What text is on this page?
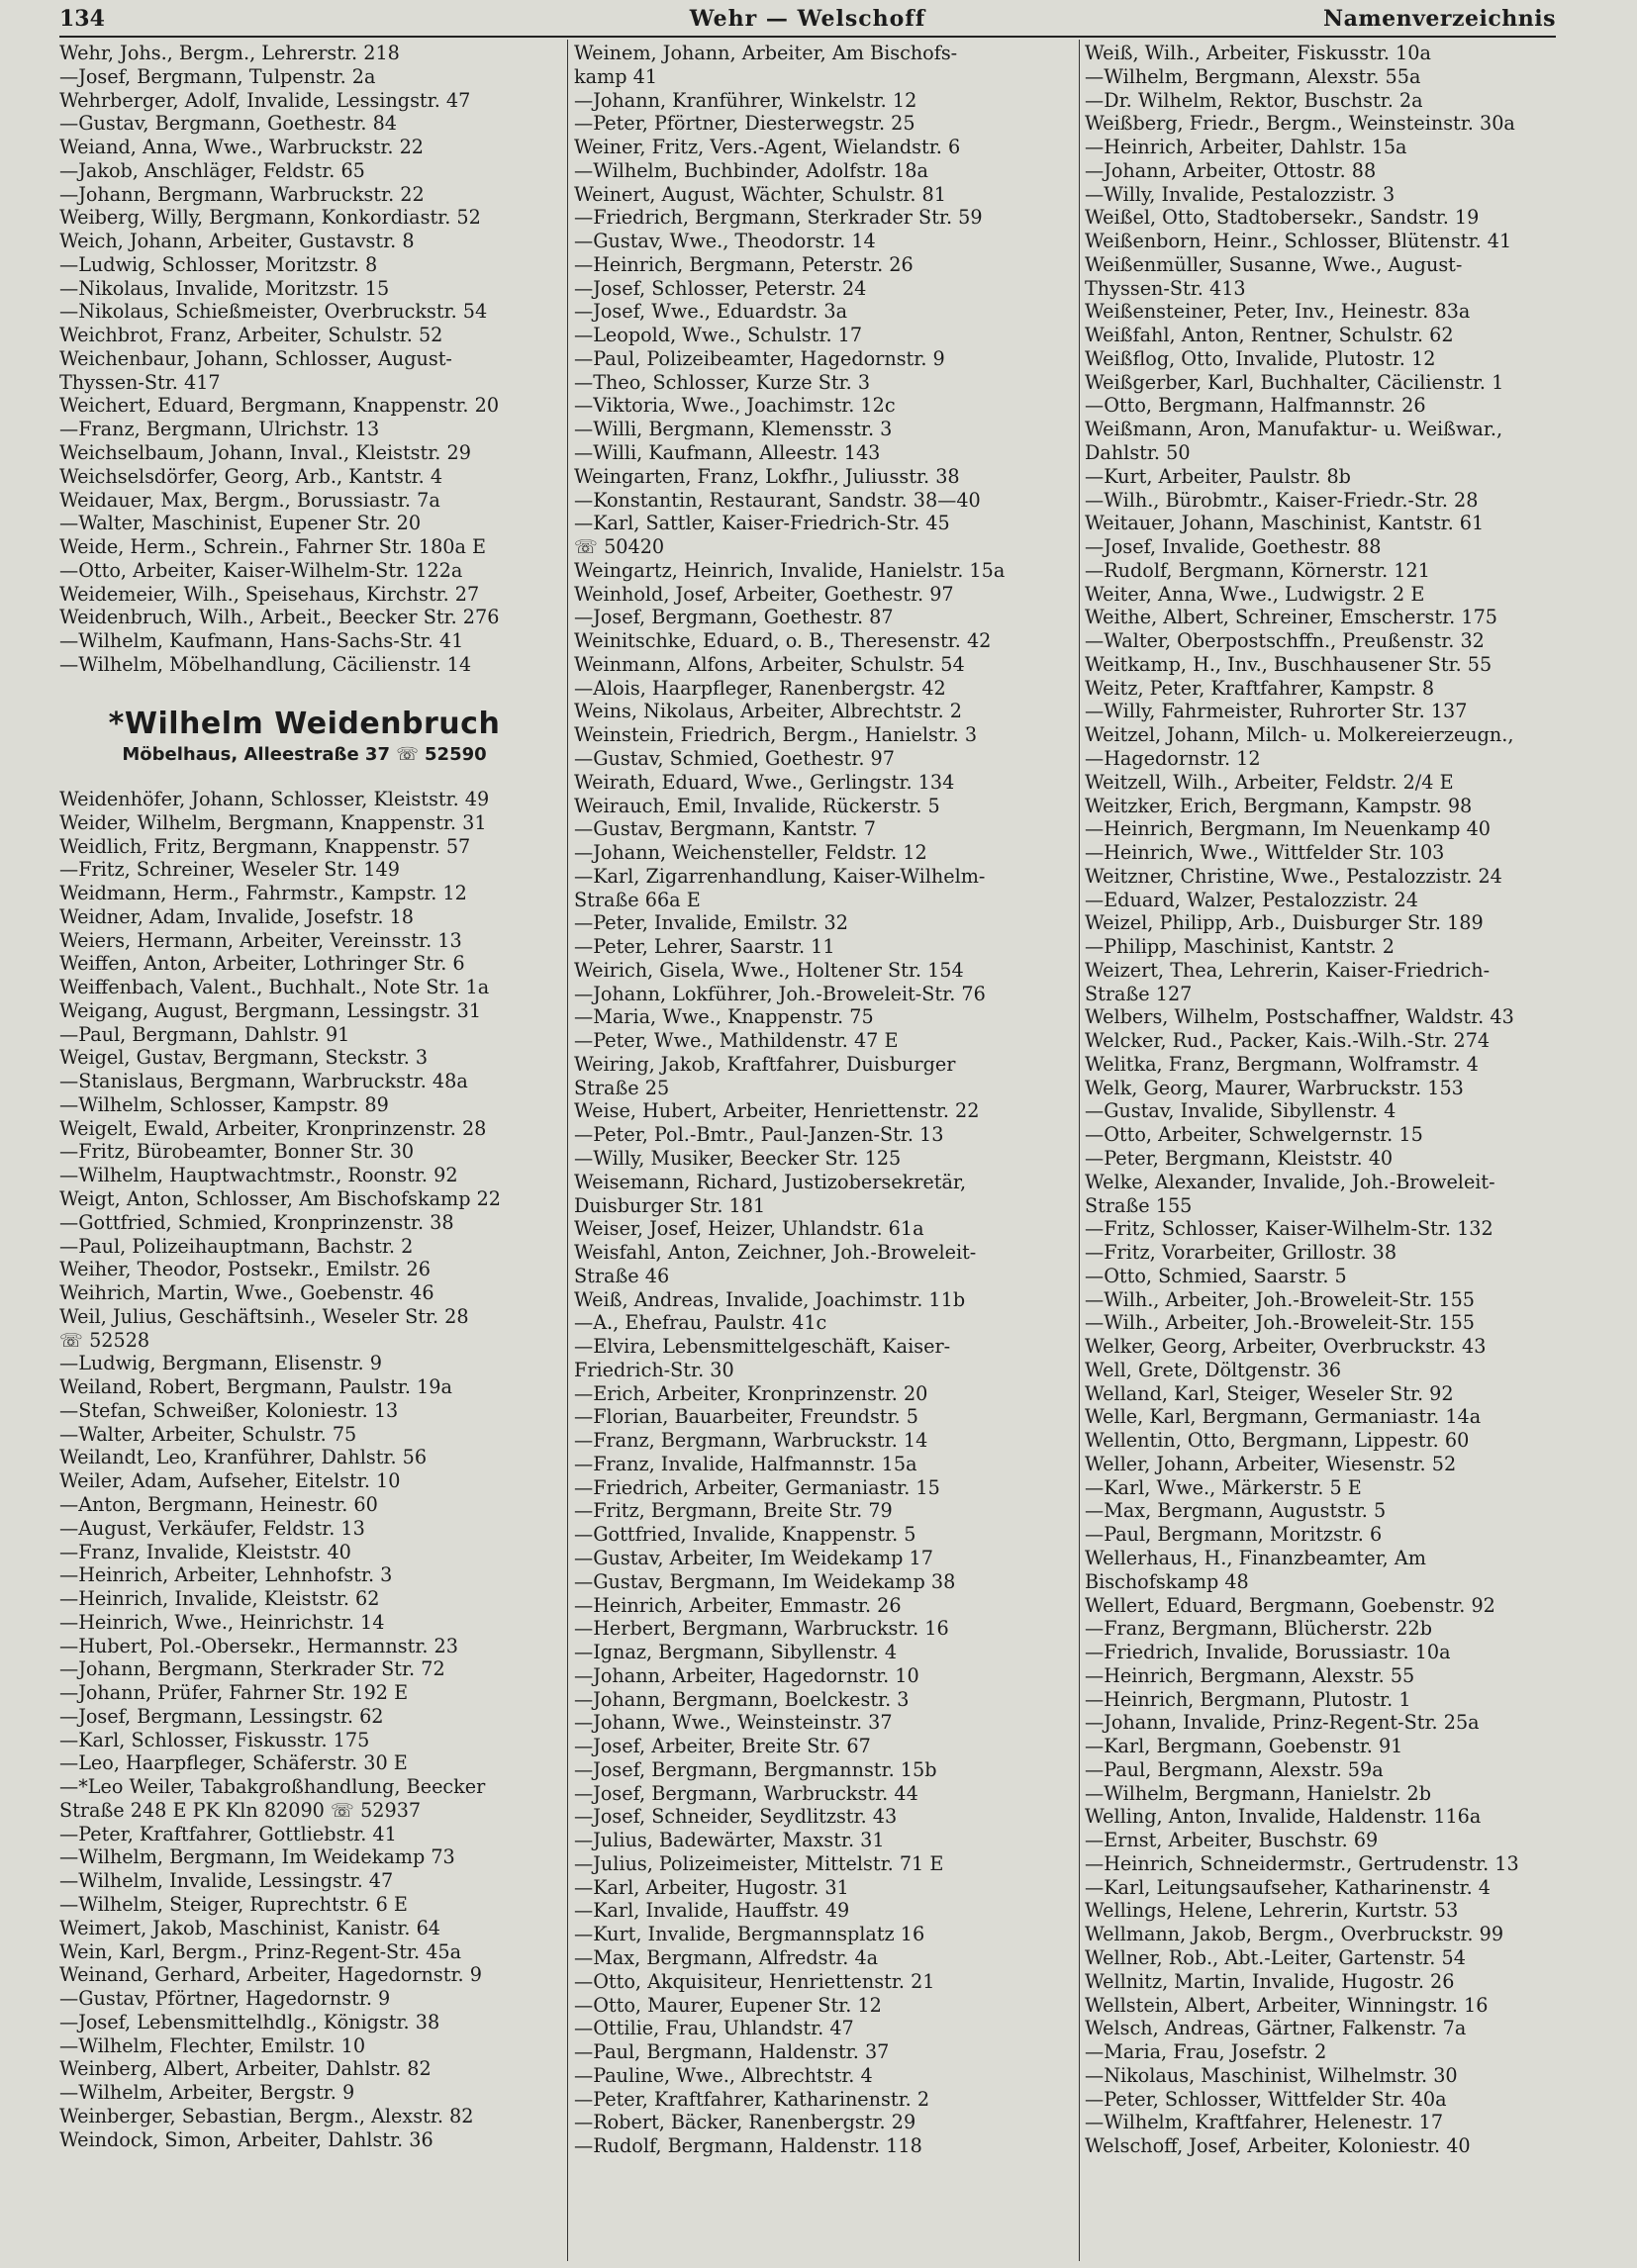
134	Wehr — Welschoff	Namenverzeichnis
Wehr, Johs., Bergm., Lehrerstr. 218
—Josef, Bergmann, Tulpenstr. 2a
Wehrberger, Adolf, Invalide, Lessingstr. 47
—Gustav, Bergmann, Goethestr. 84
Weiand, Anna, Wwe., Warbruckstr. 22
—Jakob, Anschläger, Feldstr. 65
—Johann, Bergmann, Warbruckstr. 22
Weiberg, Willy, Bergmann, Konkordiastr. 52
Weich, Johann, Arbeiter, Gustavstr. 8
—Ludwig, Schlosser, Moritzstr. 8
—Nikolaus, Invalide, Moritzstr. 15
—Nikolaus, Schießmeister, Overbruckstr. 54
Weichbrot, Franz, Arbeiter, Schulstr. 52
Weichenbaur, Johann, Schlosser, August-
Thyssen-Str. 417
Weichert, Eduard, Bergmann, Knappenstr. 20
—Franz, Bergmann, Ulrichstr. 13
Weichselbaum, Johann, Inval., Kleiststr. 29
Weichselsdörfer, Georg, Arb., Kantstr. 4
Weidauer, Max, Bergm., Borussiastr. 7a
—Walter, Maschinist, Eupener Str. 20
Weide, Herm., Schrein., Fahrner Str. 180a E
—Otto, Arbeiter, Kaiser-Wilhelm-Str. 122a
Weidemeier, Wilh., Speisehaus, Kirchstr. 27
Weidenbruch, Wilh., Arbeit., Beecker Str. 276
—Wilhelm, Kaufmann, Hans-Sachs-Str. 41
—Wilhelm, Möbelhandlung, Cäcilienstr. 14
*Wilhelm Weidenbruch
Möbelhaus, Alleestraße 37 ☏ 52590
Weidenhöfer, Johann, Schlosser, Kleiststr. 49
Weider, Wilhelm, Bergmann, Knappenstr. 31
Weidlich, Fritz, Bergmann, Knappenstr. 57
—Fritz, Schreiner, Weseler Str. 149
Weidmann, Herm., Fahrmstr., Kampstr. 12
Weidner, Adam, Invalide, Josefstr. 18
Weiers, Hermann, Arbeiter, Vereinsstr. 13
Weiffen, Anton, Arbeiter, Lothringer Str. 6
Weiffenbach, Valent., Buchhalt., Note Str. 1a
Weigang, August, Bergmann, Lessingstr. 31
—Paul, Bergmann, Dahlstr. 91
Weigel, Gustav, Bergmann, Steckstr. 3
—Stanislaus, Bergmann, Warbruckstr. 48a
—Wilhelm, Schlosser, Kampstr. 89
Weigelt, Ewald, Arbeiter, Kronprinzenstr. 28
—Fritz, Bürobeamter, Bonner Str. 30
—Wilhelm, Hauptwachtmstr., Roonstr. 92
Weigt, Anton, Schlosser, Am Bischofskamp 22
—Gottfried, Schmied, Kronprinzenstr. 38
—Paul, Polizeihauptmann, Bachstr. 2
Weiher, Theodor, Postsekr., Emilstr. 26
Weihrich, Martin, Wwe., Goebenstr. 46
Weil, Julius, Geschäftsinh., Weseler Str. 28
☏ 52528
—Ludwig, Bergmann, Elisenstr. 9
Weiland, Robert, Bergmann, Paulstr. 19a
—Stefan, Schweißer, Koloniestr. 13
—Walter, Arbeiter, Schulstr. 75
Weilandt, Leo, Kranführer, Dahlstr. 56
Weiler, Adam, Aufseher, Eitelstr. 10
—Anton, Bergmann, Heinestr. 60
—August, Verkäufer, Feldstr. 13
—Franz, Invalide, Kleiststr. 40
—Heinrich, Arbeiter, Lehnhofstr. 3
—Heinrich, Invalide, Kleiststr. 62
—Heinrich, Wwe., Heinrichstr. 14
—Hubert, Pol.-Obersekr., Hermannstr. 23
—Johann, Bergmann, Sterkrader Str. 72
—Johann, Prüfer, Fahrner Str. 192 E
—Josef, Bergmann, Lessingstr. 62
—Karl, Schlosser, Fiskusstr. 175
—Leo, Haarpfleger, Schäferstr. 30 E
—*Leo Weiler, Tabakgroßhandlung, Beecker
Straße 248 E PK Kln 82090 ☏ 52937
—Peter, Kraftfahrer, Gottliebstr. 41
—Wilhelm, Bergmann, Im Weidekamp 73
—Wilhelm, Invalide, Lessingstr. 47
—Wilhelm, Steiger, Ruprechtstr. 6 E
Weimert, Jakob, Maschinist, Kanistr. 64
Wein, Karl, Bergm., Prinz-Regent-Str. 45a
Weinand, Gerhard, Arbeiter, Hagedornstr. 9
—Gustav, Pförtner, Hagedornstr. 9
—Josef, Lebensmittelhdlg., Königstr. 38
—Wilhelm, Flechter, Emilstr. 10
Weinberg, Albert, Arbeiter, Dahlstr. 82
—Wilhelm, Arbeiter, Bergstr. 9
Weinberger, Sebastian, Bergm., Alexstr. 82
Weindock, Simon, Arbeiter, Dahlstr. 36
Weinem, Johann, Arbeiter, Am Bischofs-
kamp 41
—Johann, Kranführer, Winkelstr. 12
—Peter, Pförtner, Diesterwegstr. 25
Weiner, Fritz, Vers.-Agent, Wielandstr. 6
—Wilhelm, Buchbinder, Adolfstr. 18a
Weinert, August, Wächter, Schulstr. 81
—Friedrich, Bergmann, Sterkrader Str. 59
—Gustav, Wwe., Theodorstr. 14
—Heinrich, Bergmann, Peterstr. 26
—Josef, Schlosser, Peterstr. 24
—Josef, Wwe., Eduardstr. 3a
—Leopold, Wwe., Schulstr. 17
—Paul, Polizeibeamter, Hagedornstr. 9
—Theo, Schlosser, Kurze Str. 3
—Viktoria, Wwe., Joachimstr. 12c
—Willi, Bergmann, Klemensstr. 3
—Willi, Kaufmann, Alleestr. 143
Weingarten, Franz, Lokfhr., Juliusstr. 38
—Konstantin, Restaurant, Sandstr. 38—40
—Karl, Sattler, Kaiser-Friedrich-Str. 45
☏ 50420
Weingartz, Heinrich, Invalide, Hanielstr. 15a
Weinhold, Josef, Arbeiter, Goethestr. 97
—Josef, Bergmann, Goethestr. 87
Weinitschke, Eduard, o. B., Theresenstr. 42
Weinmann, Alfons, Arbeiter, Schulstr. 54
—Alois, Haarpfleger, Ranenbergstr. 42
Weins, Nikolaus, Arbeiter, Albrechtstr. 2
Weinstein, Friedrich, Bergm., Hanielstr. 3
—Gustav, Schmied, Goethestr. 97
Weirath, Eduard, Wwe., Gerlingstr. 134
Weirauch, Emil, Invalide, Rückerstr. 5
—Gustav, Bergmann, Kantstr. 7
—Johann, Weichensteller, Feldstr. 12
—Karl, Zigarrenhandlung, Kaiser-Wilhelm-
Straße 66a E
—Peter, Invalide, Emilstr. 32
—Peter, Lehrer, Saarstr. 11
Weirich, Gisela, Wwe., Holtener Str. 154
—Johann, Lokführer, Joh.-Broweleit-Str. 76
—Maria, Wwe., Knappenstr. 75
—Peter, Wwe., Mathildenstr. 47 E
Weiring, Jakob, Kraftfahrer, Duisburger
Straße 25
Weise, Hubert, Arbeiter, Henriettenstr. 22
—Peter, Pol.-Bmtr., Paul-Janzen-Str. 13
—Willy, Musiker, Beecker Str. 125
Weisemann, Richard, Justizobersekretär,
Duisburger Str. 181
Weiser, Josef, Heizer, Uhlandstr. 61a
Weisfahl, Anton, Zeichner, Joh.-Broweleit-
Straße 46
Weiß, Andreas, Invalide, Joachimstr. 11b
—A., Ehefrau, Paulstr. 41c
—Elvira, Lebensmittelgeschäft, Kaiser-
Friedrich-Str. 30
—Erich, Arbeiter, Kronprinzenstr. 20
—Florian, Bauarbeiter, Freundstr. 5
—Franz, Bergmann, Warbruckstr. 14
—Franz, Invalide, Halfmannstr. 15a
—Friedrich, Arbeiter, Germaniastr. 15
—Fritz, Bergmann, Breite Str. 79
—Gottfried, Invalide, Knappenstr. 5
—Gustav, Arbeiter, Im Weidekamp 17
—Gustav, Bergmann, Im Weidekamp 38
—Heinrich, Arbeiter, Emmastr. 26
—Herbert, Bergmann, Warbruckstr. 16
—Ignaz, Bergmann, Sibyllenstr. 4
—Johann, Arbeiter, Hagedornstr. 10
—Johann, Bergmann, Boelckestr. 3
—Johann, Wwe., Weinsteinstr. 37
—Josef, Arbeiter, Breite Str. 67
—Josef, Bergmann, Bergmannstr. 15b
—Josef, Bergmann, Warbruckstr. 44
—Josef, Schneider, Seydlitzstr. 43
—Julius, Badewärter, Maxstr. 31
—Julius, Polizeimeister, Mittelstr. 71 E
—Karl, Arbeiter, Hugostr. 31
—Karl, Invalide, Hauffstr. 49
—Kurt, Invalide, Bergmannsplatz 16
—Max, Bergmann, Alfredstr. 4a
—Otto, Akquisiteur, Henriettenstr. 21
—Otto, Maurer, Eupener Str. 12
—Ottilie, Frau, Uhlandstr. 47
—Paul, Bergmann, Haldenstr. 37
—Pauline, Wwe., Albrechtstr. 4
—Peter, Kraftfahrer, Katharinenstr. 2
—Robert, Bäcker, Ranenbergstr. 29
—Rudolf, Bergmann, Haldenstr. 118
Weiß, Wilh., Arbeiter, Fiskusstr. 10a
—Wilhelm, Bergmann, Alexstr. 55a
—Dr. Wilhelm, Rektor, Buschstr. 2a
Weißberg, Friedr., Bergm., Weinsteinstr. 30a
—Heinrich, Arbeiter, Dahlstr. 15a
—Johann, Arbeiter, Ottostr. 88
—Willy, Invalide, Pestalozzistr. 3
Weißel, Otto, Stadtobersekr., Sandstr. 19
Weißenborn, Heinr., Schlosser, Blütenstr. 41
Weißenmüller, Susanne, Wwe., August-
Thyssen-Str. 413
Weißensteiner, Peter, Inv., Heinestr. 83a
Weißfahl, Anton, Rentner, Schulstr. 62
Weißflog, Otto, Invalide, Plutostr. 12
Weißgerber, Karl, Buchhalter, Cäcilienstr. 1
—Otto, Bergmann, Halfmannstr. 26
Weißmann, Aron, Manufaktur- u. Weißwar.,
Dahlstr. 50
—Kurt, Arbeiter, Paulstr. 8b
—Wilh., Bürobmtr., Kaiser-Friedr.-Str. 28
Weitauer, Johann, Maschinist, Kantstr. 61
—Josef, Invalide, Goethestr. 88
—Rudolf, Bergmann, Körnerstr. 121
Weiter, Anna, Wwe., Ludwigstr. 2 E
Weithe, Albert, Schreiner, Emscherstr. 175
—Walter, Oberpostschffn., Preußenstr. 32
Weitkamp, H., Inv., Buschhausener Str. 55
Weitz, Peter, Kraftfahrer, Kampstr. 8
—Willy, Fahrmeister, Ruhrorter Str. 137
Weitzel, Johann, Milch- u. Molkereierzeugn.,
—Hagedornstr. 12
Weitzell, Wilh., Arbeiter, Feldstr. 2/4 E
Weitzker, Erich, Bergmann, Kampstr. 98
—Heinrich, Bergmann, Im Neuenkamp 40
—Heinrich, Wwe., Wittfelder Str. 103
Weitzner, Christine, Wwe., Pestalozzistr. 24
—Eduard, Walzer, Pestalozzistr. 24
Weizel, Philipp, Arb., Duisburger Str. 189
—Philipp, Maschinist, Kantstr. 2
Weizert, Thea, Lehrerin, Kaiser-Friedrich-
Straße 127
Welbers, Wilhelm, Postschaffner, Waldstr. 43
Welcker, Rud., Packer, Kais.-Wilh.-Str. 274
Welitka, Franz, Bergmann, Wolframstr. 4
Welk, Georg, Maurer, Warbruckstr. 153
—Gustav, Invalide, Sibyllenstr. 4
—Otto, Arbeiter, Schwelgernstr. 15
—Peter, Bergmann, Kleiststr. 40
Welke, Alexander, Invalide, Joh.-Broweleit-
Straße 155
—Fritz, Schlosser, Kaiser-Wilhelm-Str. 132
—Fritz, Vorarbeiter, Grillostr. 38
—Otto, Schmied, Saarstr. 5
—Wilh., Arbeiter, Joh.-Broweleit-Str. 155
—Wilh., Arbeiter, Joh.-Broweleit-Str. 155
Welker, Georg, Arbeiter, Overbruckstr. 43
Well, Grete, Döltgenstr. 36
Welland, Karl, Steiger, Weseler Str. 92
Welle, Karl, Bergmann, Germaniastr. 14a
Wellentin, Otto, Bergmann, Lippestr. 60
Weller, Johann, Arbeiter, Wiesenstr. 52
—Karl, Wwe., Märkerstr. 5 E
—Max, Bergmann, Auguststr. 5
—Paul, Bergmann, Moritzstr. 6
Wellerhaus, H., Finanzbeamter, Am
Bischofskamp 48
Wellert, Eduard, Bergmann, Goebenstr. 92
—Franz, Bergmann, Blücherstr. 22b
—Friedrich, Invalide, Borussiastr. 10a
—Heinrich, Bergmann, Alexstr. 55
—Heinrich, Bergmann, Plutostr. 1
—Johann, Invalide, Prinz-Regent-Str. 25a
—Karl, Bergmann, Goebenstr. 91
—Paul, Bergmann, Alexstr. 59a
—Wilhelm, Bergmann, Hanielstr. 2b
Welling, Anton, Invalide, Haldenstr. 116a
—Ernst, Arbeiter, Buschstr. 69
—Heinrich, Schneidermstr., Gertrudenstr. 13
—Karl, Leitungsaufseher, Katharinenstr. 4
Wellings, Helene, Lehrerin, Kurtstr. 53
Wellmann, Jakob, Bergm., Overbruckstr. 99
Wellner, Rob., Abt.-Leiter, Gartenstr. 54
Wellnitz, Martin, Invalide, Hugostr. 26
Wellstein, Albert, Arbeiter, Winningstr. 16
Welsch, Andreas, Gärtner, Falkenstr. 7a
—Maria, Frau, Josefstr. 2
—Nikolaus, Maschinist, Wilhelmstr. 30
—Peter, Schlosser, Wittfelder Str. 40a
—Wilhelm, Kraftfahrer, Helenestr. 17
Welschoff, Josef, Arbeiter, Koloniestr. 40
